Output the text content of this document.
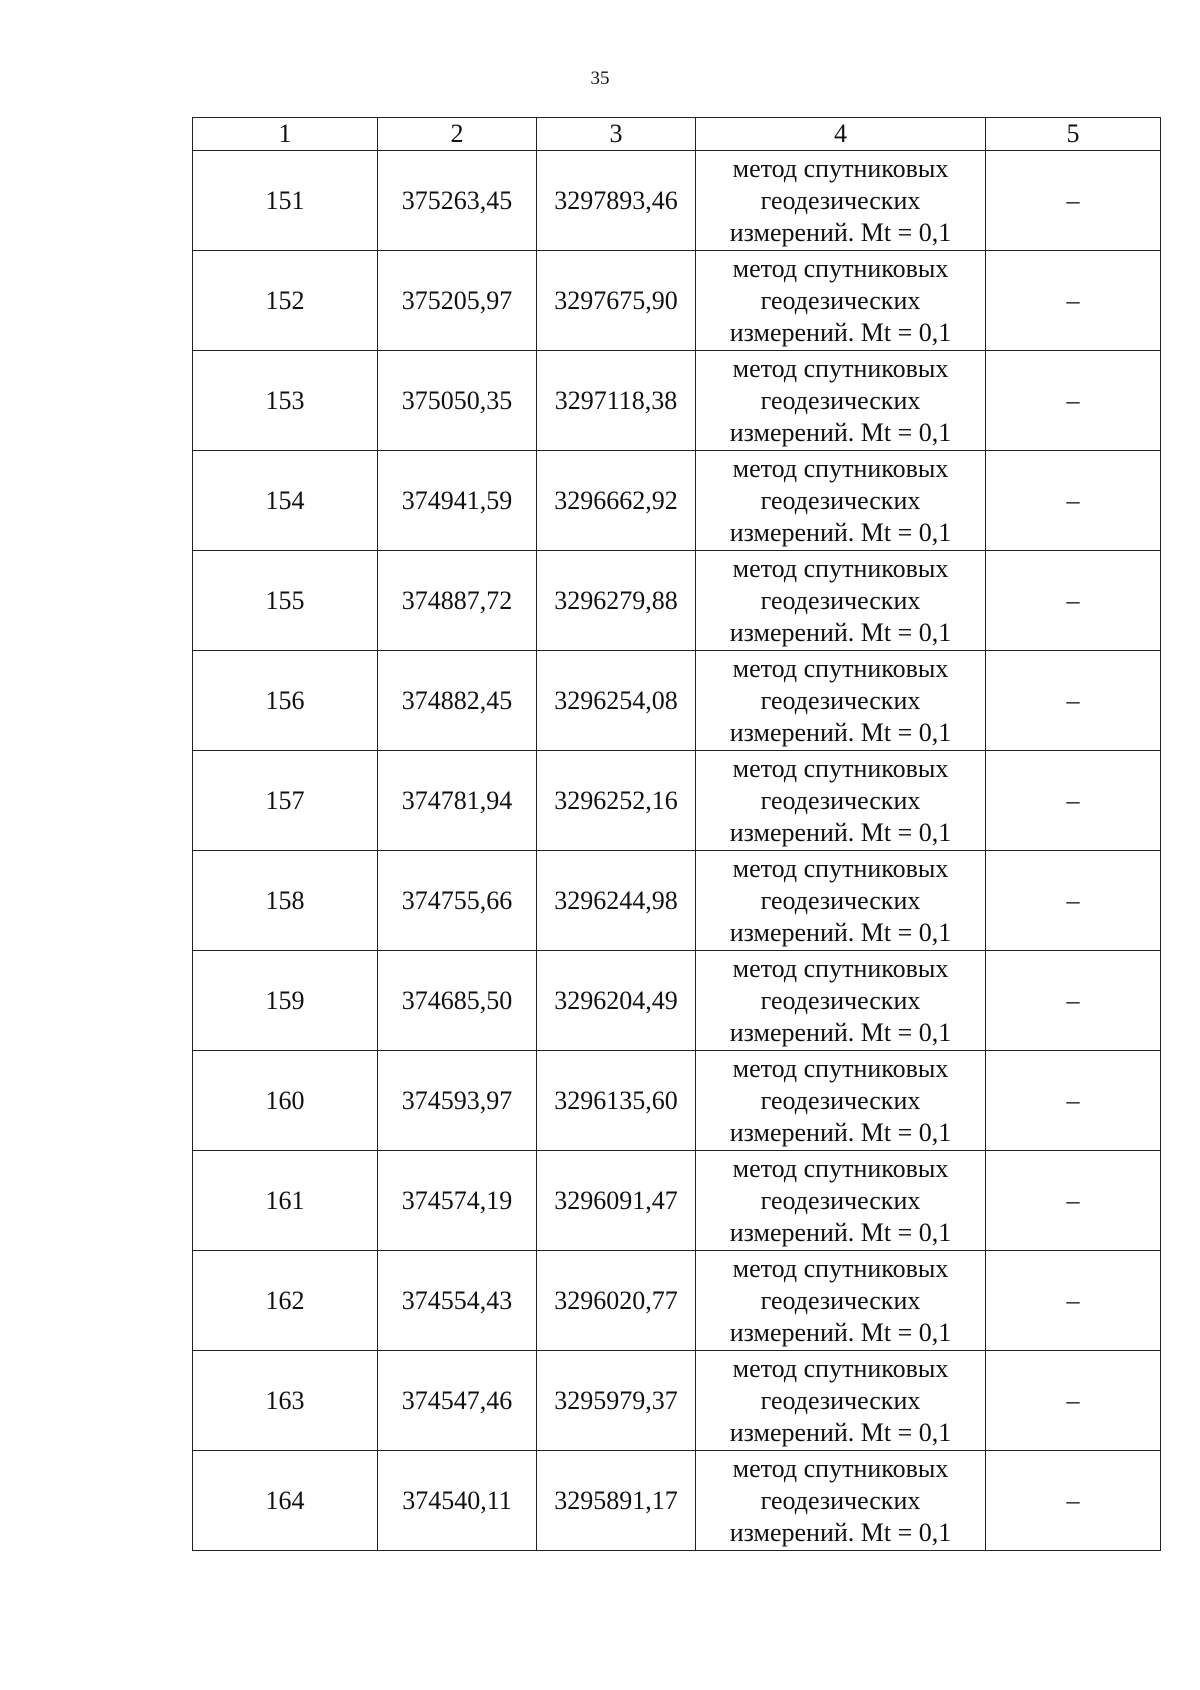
35
1	2	3	4	5
151	375263,45	3297893,46	метод спутниковых
геодезических
измерений. Mt = 0,1	–
152	375205,97	3297675,90	метод спутниковых
геодезических
измерений. Mt = 0,1	–
153	375050,35	3297118,38	метод спутниковых
геодезических
измерений. Mt = 0,1	–
154	374941,59	3296662,92	метод спутниковых
геодезических
измерений. Mt = 0,1	–
155	374887,72	3296279,88	метод спутниковых
геодезических
измерений. Mt = 0,1	–
156	374882,45	3296254,08	метод спутниковых
геодезических
измерений. Mt = 0,1	–
157	374781,94	3296252,16	метод спутниковых
геодезических
измерений. Mt = 0,1	–
158	374755,66	3296244,98	метод спутниковых
геодезических
измерений. Mt = 0,1	–
159	374685,50	3296204,49	метод спутниковых
геодезических
измерений. Mt = 0,1	–
160	374593,97	3296135,60	метод спутниковых
геодезических
измерений. Mt = 0,1	–
161	374574,19	3296091,47	метод спутниковых
геодезических
измерений. Mt = 0,1	–
162	374554,43	3296020,77	метод спутниковых
геодезических
измерений. Mt = 0,1	–
163	374547,46	3295979,37	метод спутниковых
геодезических
измерений. Mt = 0,1	–
164	374540,11	3295891,17	метод спутниковых
геодезических
измерений. Mt = 0,1	–
